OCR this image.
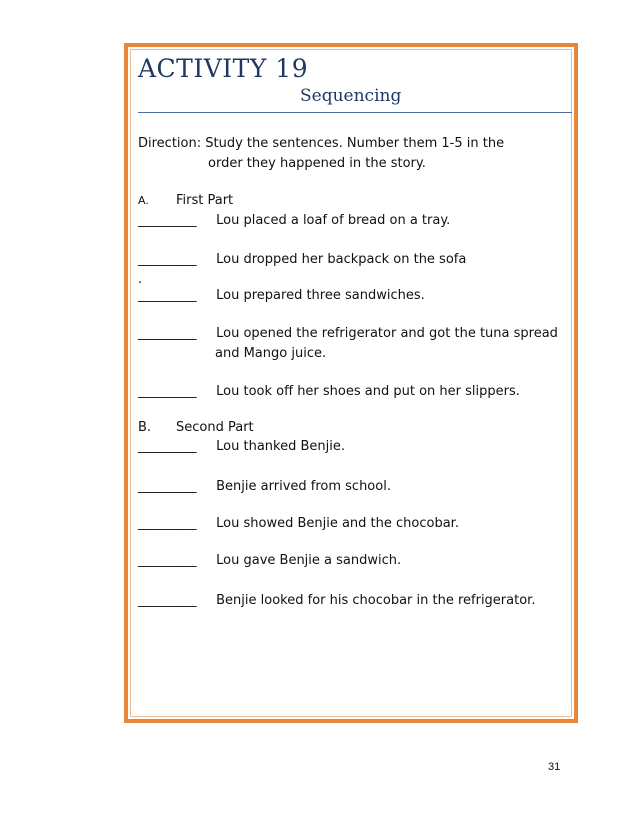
ACTIVITY 19
Sequencing
Direction: Study the sentences. Number them 1-5 in the
order they happened in the story.
A. First Part
_________ Lou placed a loaf of bread on a tray.
_________ Lou dropped her backpack on the sofa
.
_________ Lou prepared three sandwiches.
_________ Lou opened the refrigerator and got the tuna spread
and Mango juice.
_________ Lou took off her shoes and put on her slippers.
B. Second Part
_________ Lou thanked Benjie.
_________ Benjie arrived from school.
_________ Lou showed Benjie and the chocobar.
_________ Lou gave Benjie a sandwich.
_________ Benjie looked for his chocobar in the refrigerator.
31
